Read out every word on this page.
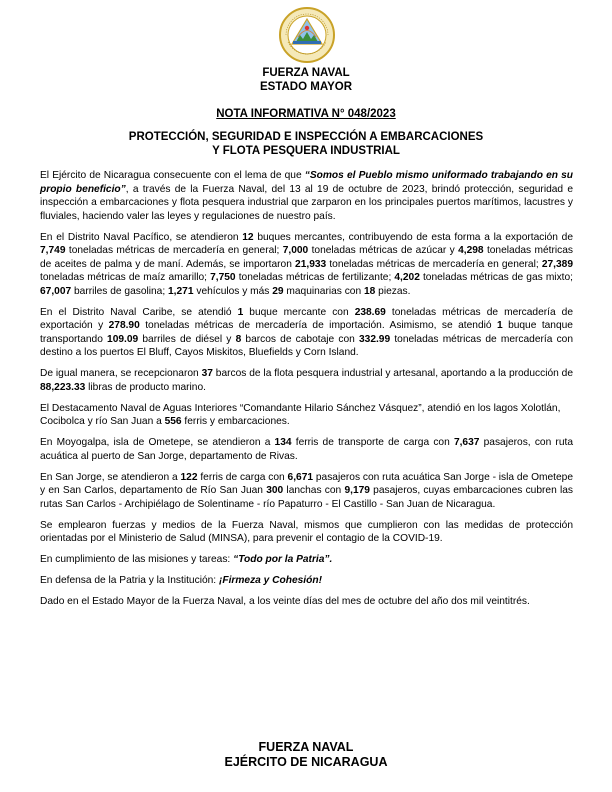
FUERZA NAVAL
ESTADO MAYOR
NOTA INFORMATIVA N° 048/2023
PROTECCIÓN, SEGURIDAD E INSPECCIÓN A EMBARCACIONES
Y FLOTA PESQUERA INDUSTRIAL

El Ejército de Nicaragua consecuente con el lema de que “Somos el Pueblo mismo uniformado trabajando en su propio beneficio”, a través de la Fuerza Naval, del 13 al 19 de octubre de 2023, brindó protección, seguridad e inspección a embarcaciones y flota pesquera industrial que zarparon en los principales puertos marítimos, lacustres y fluviales, haciendo valer las leyes y regulaciones de nuestro país.

En el Distrito Naval Pacífico, se atendieron 12 buques mercantes, contribuyendo de esta forma a la exportación de 7,749 toneladas métricas de mercadería en general; 7,000 toneladas métricas de azúcar y 4,298 toneladas métricas de aceites de palma y de maní. Además, se importaron 21,933 toneladas métricas de mercadería en general; 27,389 toneladas métricas de maíz amarillo; 7,750 toneladas métricas de fertilizante; 4,202 toneladas métricas de gas mixto; 67,007 barriles de gasolina; 1,271 vehículos y más 29 maquinarias con 18 piezas.

En el Distrito Naval Caribe, se atendió 1 buque mercante con 238.69 toneladas métricas de mercadería de exportación y 278.90 toneladas métricas de mercadería de importación. Asimismo, se atendió 1 buque tanque transportando 109.09 barriles de diésel y 8 barcos de cabotaje con 332.99 toneladas métricas de mercadería con destino a los puertos El Bluff, Cayos Miskitos, Bluefields y Corn Island.

De igual manera, se recepcionaron 37 barcos de la flota pesquera industrial y artesanal, aportando a la producción de 88,223.33 libras de producto marino.

El Destacamento Naval de Aguas Interiores “Comandante Hilario Sánchez Vásquez”, atendió en los lagos Xolotlán, Cocibolca y río San Juan a 556 ferris y embarcaciones.

En Moyogalpa, isla de Ometepe, se atendieron a 134 ferris de transporte de carga con 7,637 pasajeros, con ruta acuática al puerto de San Jorge, departamento de Rivas.

En San Jorge, se atendieron a 122 ferris de carga con 6,671 pasajeros con ruta acuática San Jorge - isla de Ometepe y en San Carlos, departamento de Río San Juan 300 lanchas con 9,179 pasajeros, cuyas embarcaciones cubren las rutas San Carlos - Archipiélago de Solentiname - río Papaturro - El Castillo - San Juan de Nicaragua.

Se emplearon fuerzas y medios de la Fuerza Naval, mismos que cumplieron con las medidas de protección orientadas por el Ministerio de Salud (MINSA), para prevenir el contagio de la COVID-19.

En cumplimiento de las misiones y tareas: “Todo por la Patria”.

En defensa de la Patria y la Institución: ¡Firmeza y Cohesión!

Dado en el Estado Mayor de la Fuerza Naval, a los veinte días del mes de octubre del año dos mil veintitrés.

FUERZA NAVAL
EJÉRCITO DE NICARAGUA
